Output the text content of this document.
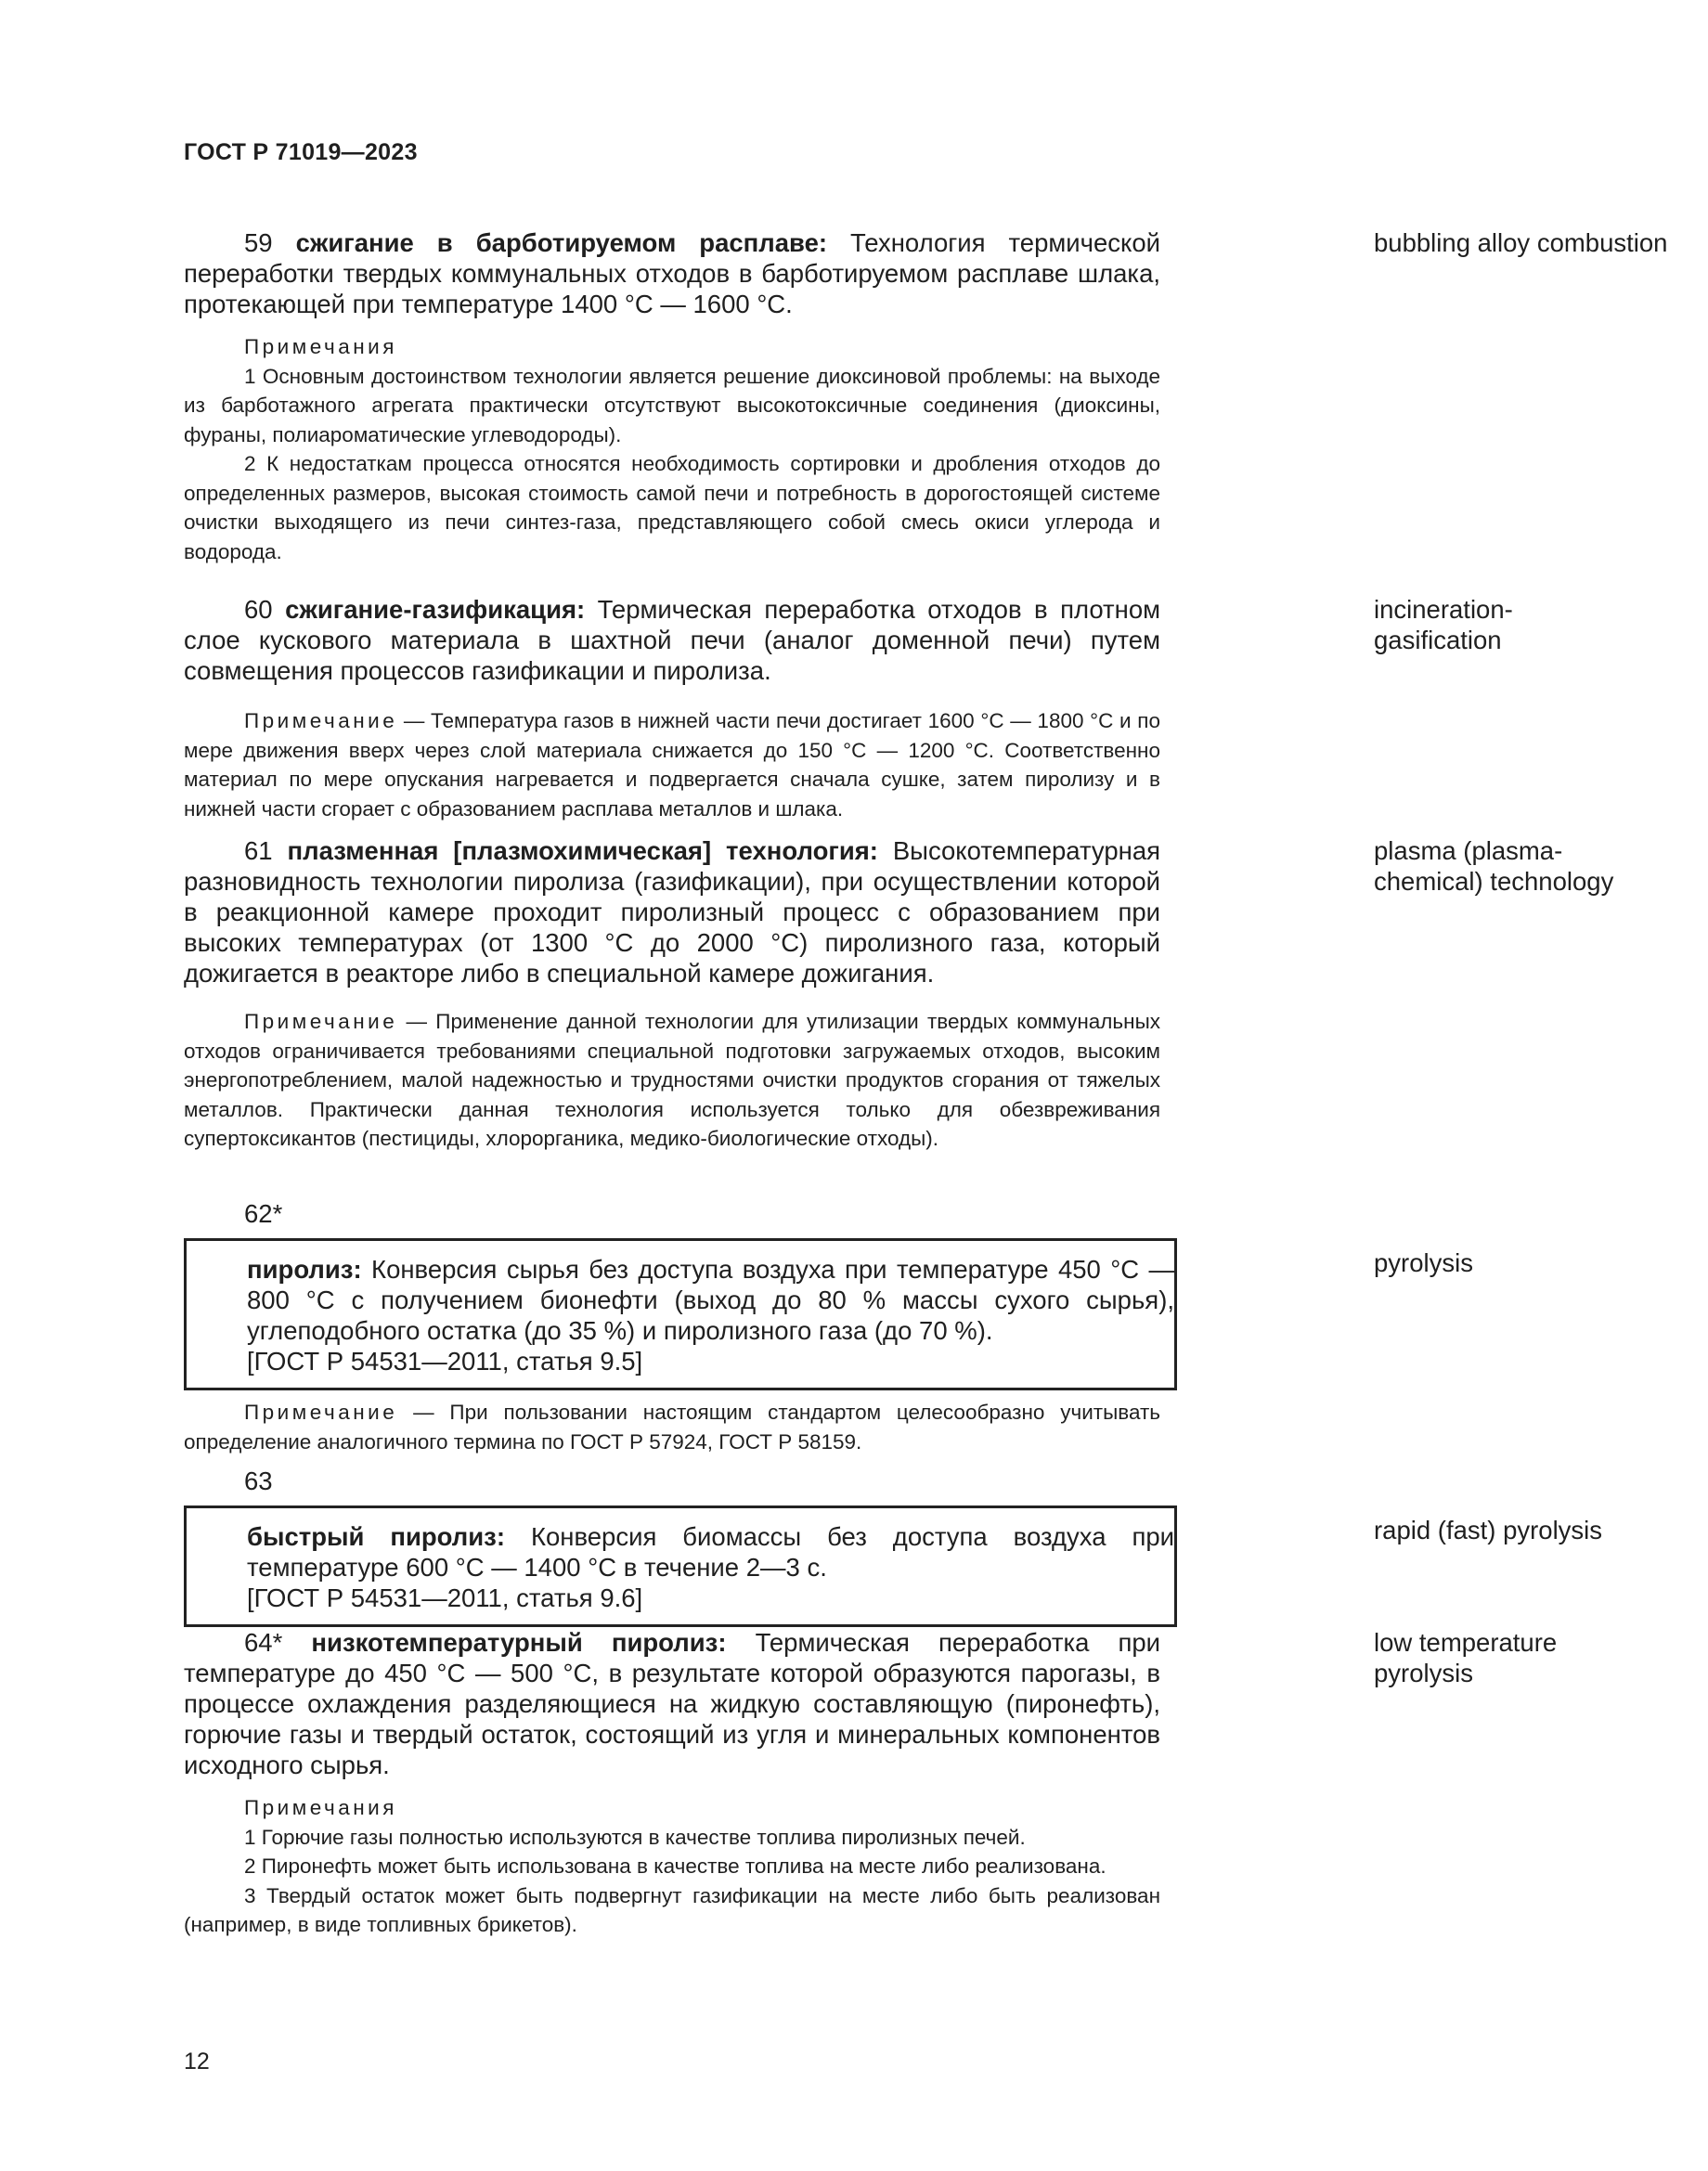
ГОСТ Р 71019—2023
59 сжигание в барботируемом расплаве: Технология термической переработки твердых коммунальных отходов в барботируемом расплаве шлака, протекающей при температуре 1400 °C — 1600 °C.
bubbling alloy combustion

Примечания

1 Основным достоинством технологии является решение диоксиновой проблемы: на выходе из барботажного агрегата практически отсутствуют высокотоксичные соединения (диоксины, фураны, полиароматические углеводороды).

2 К недостаткам процесса относятся необходимость сортировки и дробления отходов до определенных размеров, высокая стоимость самой печи и потребность в дорогостоящей системе очистки выходящего из печи синтез-газа, представляющего собой смесь окиси углерода и водорода.

60 сжигание-газификация: Термическая переработка отходов в плотном слое кускового материала в шахтной печи (аналог доменной печи) путем совмещения процессов газификации и пиролиза.
incineration-gasification

Примечание — Температура газов в нижней части печи достигает 1600 °C — 1800 °C и по мере движения вверх через слой материала снижается до 150 °C — 1200 °C. Соответственно материал по мере опускания нагревается и подвергается сначала сушке, затем пиролизу и в нижней части сгорает с образованием расплава металлов и шлака.

61 плазменная [плазмохимическая] технология: Высокотемпературная разновидность технологии пиролиза (газификации), при осуществлении которой в реакционной камере проходит пиролизный процесс с образованием при высоких температурах (от 1300 °C до 2000 °C) пиролизного газа, который дожигается в реакторе либо в специальной камере дожигания.
plasma (plasma-chemical) technology

Примечание — Применение данной технологии для утилизации твердых коммунальных отходов ограничивается требованиями специальной подготовки загружаемых отходов, высоким энергопотреблением, малой надежностью и трудностями очистки продуктов сгорания от тяжелых металлов. Практически данная технология используется только для обезвреживания супертоксикантов (пестициды, хлорорганика, медико-биологические отходы).

62*
пиролиз: Конверсия сырья без доступа воздуха при температуре 450 °C — 800 °C с получением бионефти (выход до 80 % массы сухого сырья), углеподобного остатка (до 35 %) и пиролизного газа (до 70 %).
[ГОСТ Р 54531—2011, статья 9.5]
pyrolysis

Примечание — При пользовании настоящим стандартом целесообразно учитывать определение аналогичного термина по ГОСТ Р 57924, ГОСТ Р 58159.

63
быстрый пиролиз: Конверсия биомассы без доступа воздуха при температуре 600 °C — 1400 °C в течение 2—3 с.
[ГОСТ Р 54531—2011, статья 9.6]
rapid (fast) pyrolysis
64* низкотемпературный пиролиз: Термическая переработка при температуре до 450 °C — 500 °C, в результате которой образуются парогазы, в процессе охлаждения разделяющиеся на жидкую составляющую (пиронефть), горючие газы и твердый остаток, состоящий из угля и минеральных компонентов исходного сырья.
low temperature pyrolysis

Примечания

1 Горючие газы полностью используются в качестве топлива пиролизных печей.

2 Пиронефть может быть использована в качестве топлива на месте либо реализована.

3 Твердый остаток может быть подвергнут газификации на месте либо быть реализован (например, в виде топливных брикетов).

12
